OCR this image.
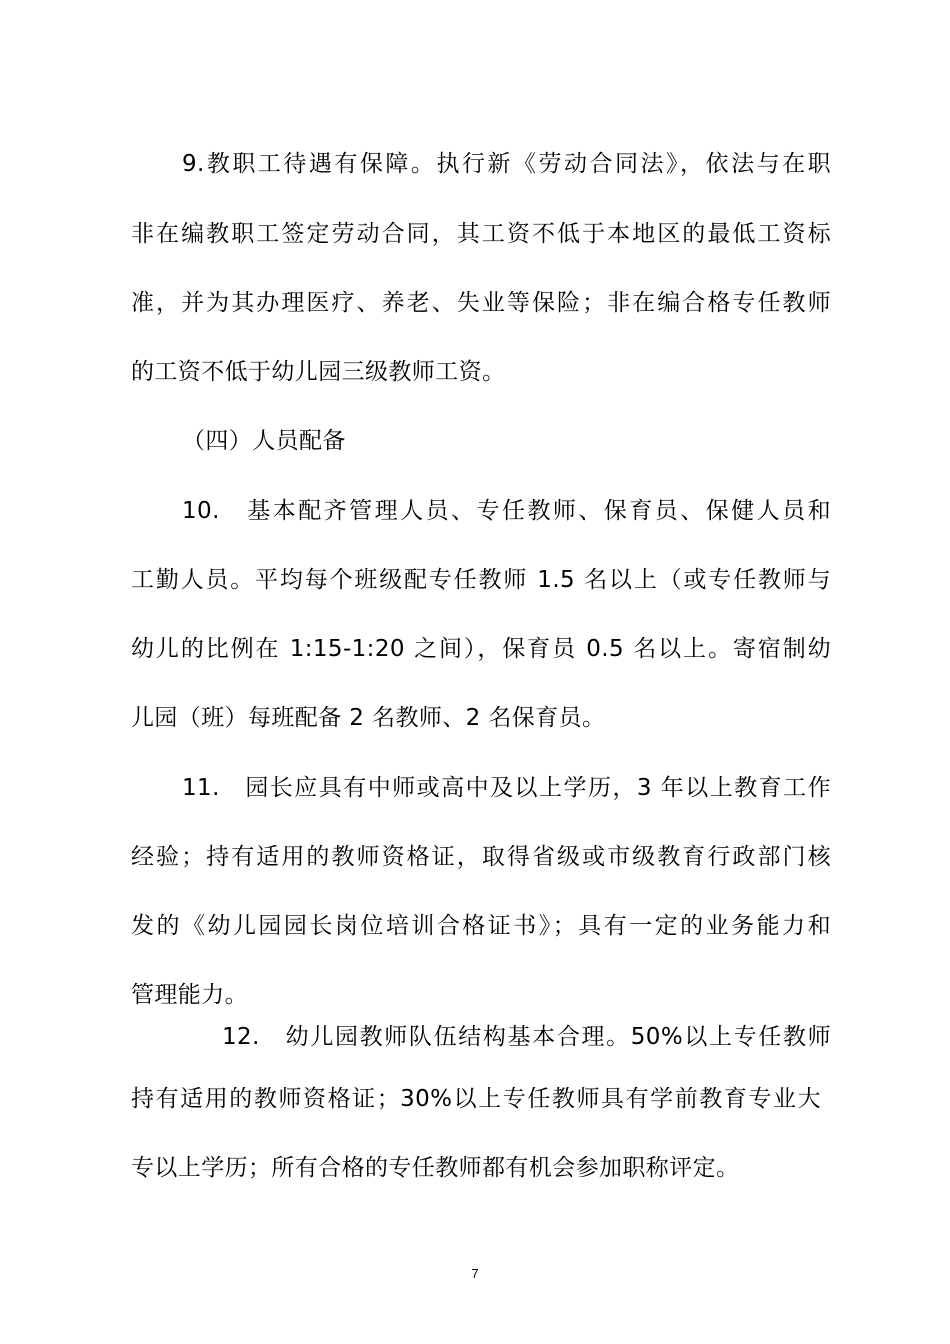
9.教职工待遇有保障。执行新《劳动合同法》，依法与在职
非在编教职工签定劳动合同，其工资不低于本地区的最低工资标
准，并为其办理医疗、养老、失业等保险；非在编合格专任教师
的工资不低于幼儿园三级教师工资。
（四）人员配备
10.　基本配齐管理人员、专任教师、保育员、保健人员和
工勤人员。平均每个班级配专任教师 1.5 名以上（或专任教师与
幼儿的比例在 1:15-1:20 之间），保育员 0.5 名以上。寄宿制幼
儿园（班）每班配备 2 名教师、2 名保育员。
11.　园长应具有中师或高中及以上学历，3 年以上教育工作
经验；持有适用的教师资格证，取得省级或市级教育行政部门核
发的《幼儿园园长岗位培训合格证书》；具有一定的业务能力和
管理能力。
12.　幼儿园教师队伍结构基本合理。50%以上专任教师
持有适用的教师资格证；30%以上专任教师具有学前教育专业大
专以上学历；所有合格的专任教师都有机会参加职称评定。
7
